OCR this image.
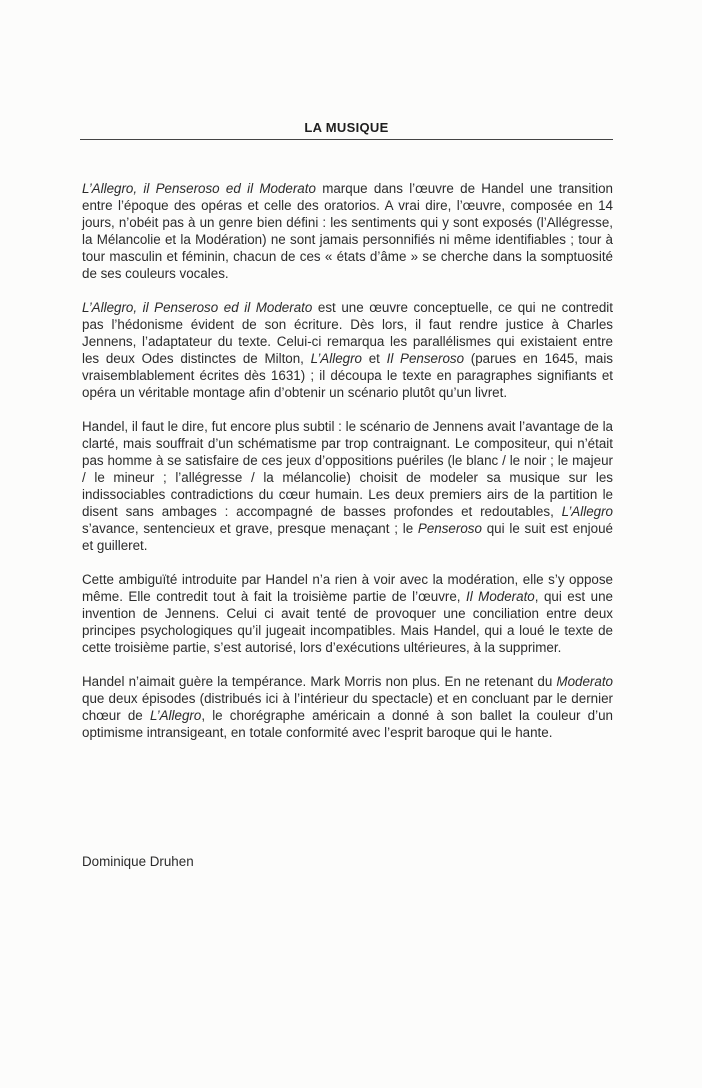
LA MUSIQUE

L’Allegro, il Penseroso ed il Moderato marque dans l’œuvre de Handel une transition entre l’époque des opéras et celle des oratorios. A vrai dire, l’œuvre, composée en 14 jours, n’obéit pas à un genre bien défini : les sentiments qui y sont exposés (l’Allégresse, la Mélancolie et la Modération) ne sont jamais personnifiés ni même identifiables ; tour à tour masculin et féminin, chacun de ces « états d’âme » se cherche dans la somptuosité de ses couleurs vocales.

L’Allegro, il Penseroso ed il Moderato est une œuvre conceptuelle, ce qui ne contredit pas l’hédonisme évident de son écriture. Dès lors, il faut rendre justice à Charles Jennens, l’adaptateur du texte. Celui-ci remarqua les parallélismes qui existaient entre les deux Odes distinctes de Milton, L’Allegro et Il Penseroso (parues en 1645, mais vraisemblablement écrites dès 1631) ; il découpa le texte en paragraphes signifiants et opéra un véritable montage afin d’obtenir un scénario plutôt qu’un livret.

Handel, il faut le dire, fut encore plus subtil : le scénario de Jennens avait l’avantage de la clarté, mais souffrait d’un schématisme par trop contraignant. Le compositeur, qui n’était pas homme à se satisfaire de ces jeux d’oppositions puériles (le blanc / le noir ; le majeur / le mineur ; l’allégresse / la mélancolie) choisit de modeler sa musique sur les indissociables contradictions du cœur humain. Les deux premiers airs de la partition le disent sans ambages : accompagné de basses profondes et redoutables, L’Allegro s’avance, sentencieux et grave, presque menaçant ; le Penseroso qui le suit est enjoué et guilleret.

Cette ambiguïté introduite par Handel n’a rien à voir avec la modération, elle s’y oppose même. Elle contredit tout à fait la troisième partie de l’œuvre, Il Moderato, qui est une invention de Jennens. Celui ci avait tenté de provoquer une conciliation entre deux principes psychologiques qu’il jugeait incompatibles. Mais Handel, qui a loué le texte de cette troisième partie, s’est autorisé, lors d’exécutions ultérieures, à la supprimer.

Handel n’aimait guère la tempérance. Mark Morris non plus. En ne retenant du Moderato que deux épisodes (distribués ici à l’intérieur du spectacle) et en concluant par le dernier chœur de L’Allegro, le chorégraphe américain a donné à son ballet la couleur d’un optimisme intransigeant, en totale conformité avec l’esprit baroque qui le hante.

Dominique Druhen
